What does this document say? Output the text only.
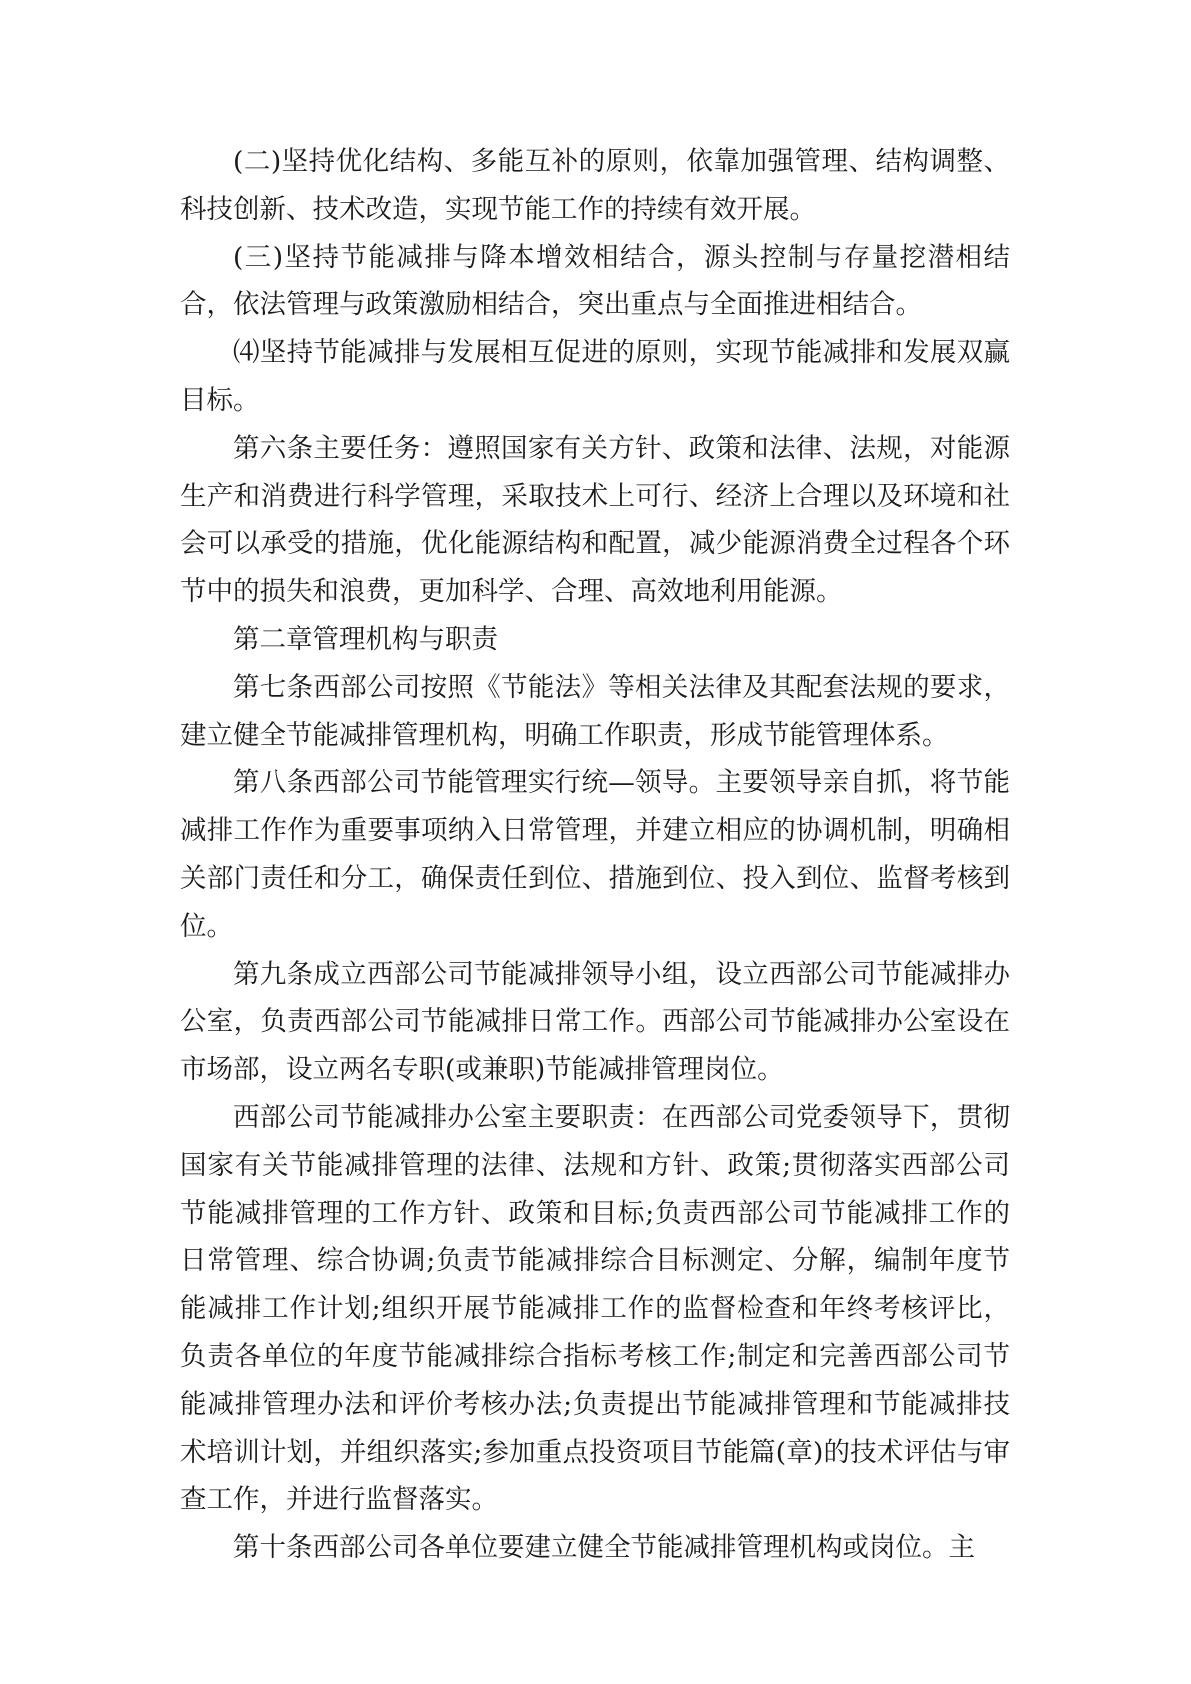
(二)坚持优化结构、多能互补的原则，依靠加强管理、结构调整、科技创新、技术改造，实现节能工作的持续有效开展。

(三)坚持节能减排与降本增效相结合，源头控制与存量挖潜相结合，依法管理与政策激励相结合，突出重点与全面推进相结合。

⑷坚持节能减排与发展相互促进的原则，实现节能减排和发展双赢目标。

第六条主要任务：遵照国家有关方针、政策和法律、法规，对能源生产和消费进行科学管理，采取技术上可行、经济上合理以及环境和社会可以承受的措施，优化能源结构和配置，减少能源消费全过程各个环节中的损失和浪费，更加科学、合理、高效地利用能源。

第二章管理机构与职责

第七条西部公司按照《节能法》等相关法律及其配套法规的要求，建立健全节能减排管理机构，明确工作职责，形成节能管理体系。

第八条西部公司节能管理实行统—领导。主要领导亲自抓，将节能减排工作作为重要事项纳入日常管理，并建立相应的协调机制，明确相关部门责任和分工，确保责任到位、措施到位、投入到位、监督考核到位。

第九条成立西部公司节能减排领导小组，设立西部公司节能减排办公室，负责西部公司节能减排日常工作。西部公司节能减排办公室设在市场部，设立两名专职(或兼职)节能减排管理岗位。

西部公司节能减排办公室主要职责：在西部公司党委领导下，贯彻国家有关节能减排管理的法律、法规和方针、政策;贯彻落实西部公司节能减排管理的工作方针、政策和目标;负责西部公司节能减排工作的日常管理、综合协调;负责节能减排综合目标测定、分解，编制年度节能减排工作计划;组织开展节能减排工作的监督检查和年终考核评比，负责各单位的年度节能减排综合指标考核工作;制定和完善西部公司节能减排管理办法和评价考核办法;负责提出节能减排管理和节能减排技术培训计划，并组织落实;参加重点投资项目节能篇(章)的技术评估与审查工作，并进行监督落实。

第十条西部公司各单位要建立健全节能减排管理机构或岗位。主
